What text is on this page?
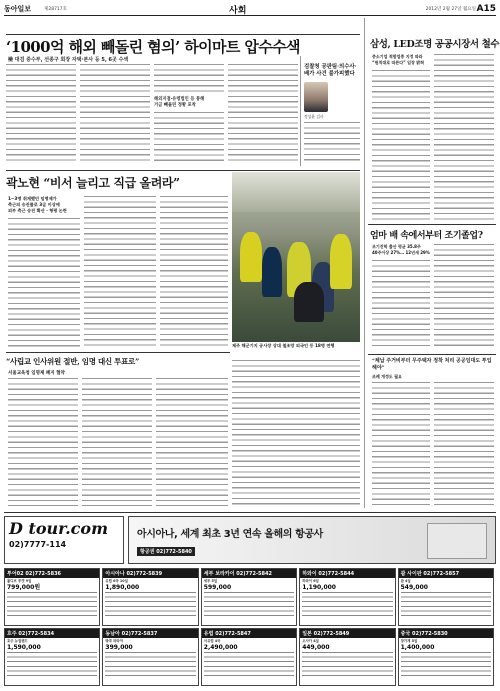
동아일보	제28717호	사회	2012년 2월 27일 월요일 A15
‘1000억 해외 빼돌린 혐의’ 하이마트 압수수색
檢 대검 중수부, 선종구 회장 자택·본사 등 5, 6곳 수색
해외지점·유령법인 등 통해
거금 빼돌린 정황 포착
검찰청 공판팀·의수사·
배가 사건 불가피했다
정성윤 검사
곽노현 “비서 늘리고 직급 올려라”
1~3명 취재했던 임명제가
측근의 승진풀로 3급 이상에
외부 측근 승진 확산 · 형평 논란
제주 해군기지 공사장 상대 철조망 외국인 등 18명 연행
“사립교 인사위원 절반, 임명 대신 투표로”
서울교육청 임명제 폐지 협약
삼성, LED조명 공공시장서 철수
중소기업 적합업종 지정 따라
“원칙대로 따른다” 입장 밝혀
엄마 배 속에서부터 조기졸업?
조기진학 출산 평균 35.8주
40주이상 27%… 12년새 29%
“체납 주거비부터 무주택자 정착 처리 공공임대도 투입해야”
조례 개정도 필요
D tour.com
02)7777-114
아시아나, 세계 최초 3년 연속 올해의 항공사
항공권 02)772-5840
투어02 02)772-5836
몰디브 푸켓 9일
799,000원
아시아나 02)772-5839
유럽 6국 10일
1,890,000
세부 보라카이 02)772-5842
세부 5일
599,000
하와이 02)772-5844
하와이 6일
1,190,000
괌 사이판 02)772-5857
괌 4일
549,000
호주 02)772-5834
호주 뉴질랜드
1,590,000
동남아 02)772-5837
방콕 파타야
399,000
유럽 02)772-5847
서유럽 4국
2,490,000
일본 02)772-5849
오사카 4일
449,000
중국 02)772-5830
장가계 5일
1,400,000
